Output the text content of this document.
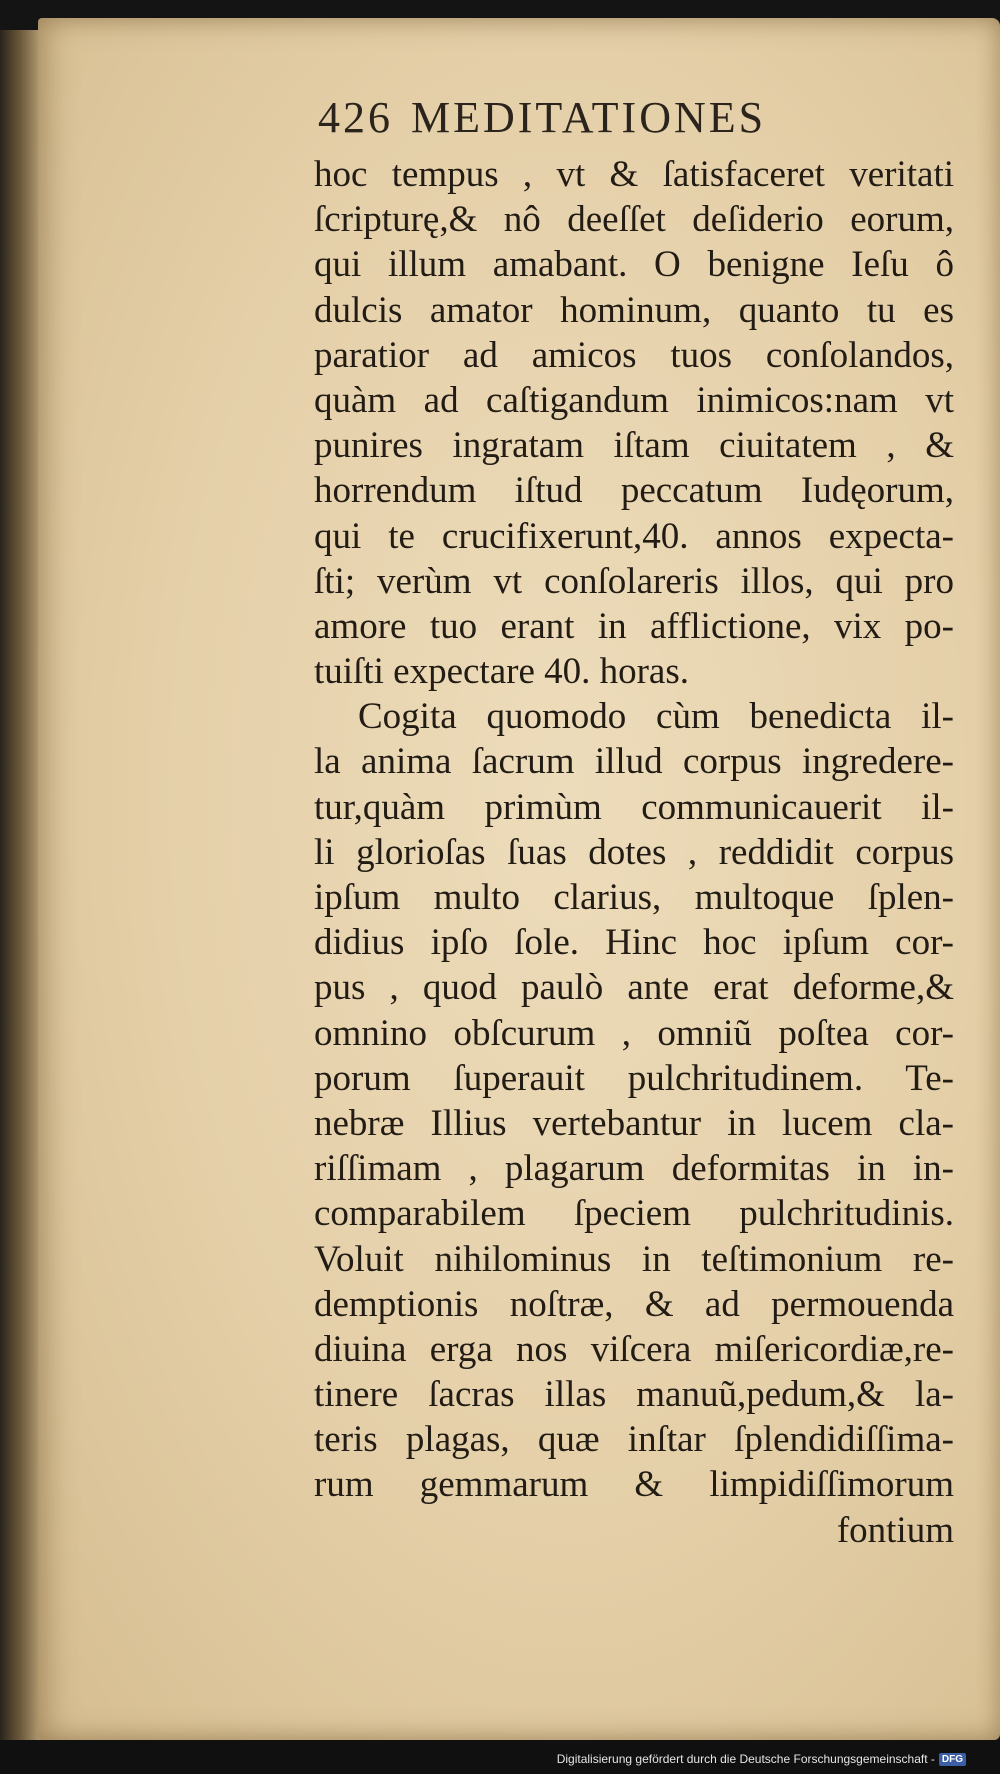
426 MEDITATIONES
hoc tempus , vt & ſatisfaceret veritati
ſcripturę,& nô deeſſet deſiderio eorum,
qui illum amabant. O benigne Ieſu ô
dulcis amator hominum, quanto tu es
paratior ad amicos tuos conſolandos,
quàm ad caſtigandum inimicos:nam vt
punires ingratam iſtam ciuitatem , &
horrendum iſtud peccatum Iudęorum,
qui te crucifixerunt,40. annos expecta-
ſti; verùm vt conſolareris illos, qui pro
amore tuo erant in afflictione, vix po-
tuiſti expectare 40. horas.
Cogita quomodo cùm benedicta il-
la anima ſacrum illud corpus ingredere-
tur,quàm primùm communicauerit il-
li glorioſas ſuas dotes , reddidit corpus
ipſum multo clarius, multoque ſplen-
didius ipſo ſole. Hinc hoc ipſum cor-
pus , quod paulò ante erat deforme,&
omnino obſcurum , omniũ poſtea cor-
porum ſuperauit pulchritudinem. Te-
nebræ Illius vertebantur in lucem cla-
riſſimam , plagarum deformitas in in-
comparabilem ſpeciem pulchritudinis.
Voluit nihilominus in teſtimonium re-
demptionis noſtræ, & ad permouenda
diuina erga nos viſcera miſericordiæ,re-
tinere ſacras illas manuũ,pedum,& la-
teris plagas, quæ inſtar ſplendidiſſima-
rum gemmarum & limpidiſſimorum
fontium
Digitalisierung gefördert durch die Deutsche Forschungsgemeinschaft - DFG
